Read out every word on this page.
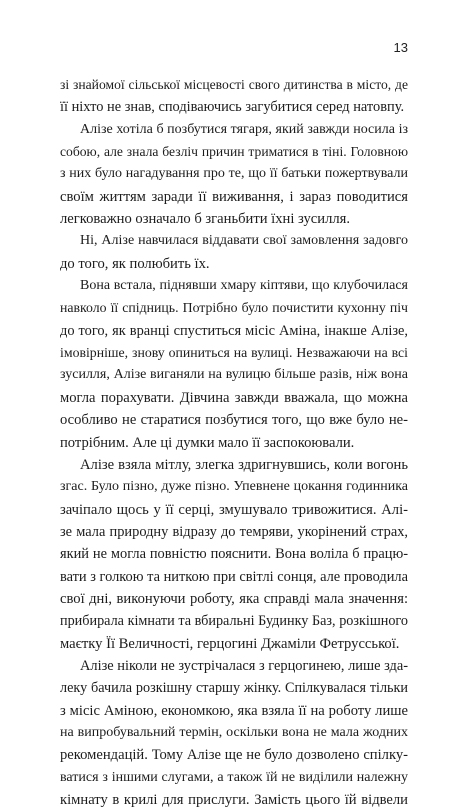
13
зі знайомої сільської місцевості свого дитинства в місто, де
її ніхто не знав, сподіваючись загубитися серед натовпу.
Алізе хотіла б позбутися тягаря, який завжди носила із
собою, але знала безліч причин триматися в тіні. Головною
з них було нагадування про те, що її батьки пожертвували
своїм життям заради її виживання, і зараз поводитися
легковажно означало б зганьбити їхні зусилля.
Ні, Алізе навчилася віддавати свої замовлення задовго
до того, як полюбить їх.
Вона встала, піднявши хмару кіптяви, що клубочилася
навколо її спідниць. Потрібно було почистити кухонну піч
до того, як вранці спуститься місіс Аміна, інакше Алізе,
імовірніше, знову опиниться на вулиці. Незважаючи на всі
зусилля, Алізе виганяли на вулицю більше разів, ніж вона
могла порахувати. Дівчина завжди вважала, що можна
особливо не старатися позбутися того, що вже було не-
потрібним. Але ці думки мало її заспокоювали.
Алізе взяла мітлу, злегка здригнувшись, коли вогонь
згас. Було пізно, дуже пізно. Упевнене цокання годинника
зачіпало щось у її серці, змушувало тривожитися. Алі-
зе мала природну відразу до темряви, укорінений страх,
який не могла повністю пояснити. Вона воліла б працю-
вати з голкою та ниткою при світлі сонця, але проводила
свої дні, виконуючи роботу, яка справді мала значення:
прибирала кімнати та вбиральні Будинку Баз, розкішного
маєтку Її Величності, герцогині Джаміли Фетрусської.
Алізе ніколи не зустрічалася з герцогинею, лише зда-
леку бачила розкішну старшу жінку. Спілкувалася тільки
з місіс Аміною, економкою, яка взяла її на роботу лише
на випробувальний термін, оскільки вона не мала жодних
рекомендацій. Тому Алізе ще не було дозволено спілку-
ватися з іншими слугами, а також їй не виділили належну
кімнату в крилі для прислуги. Замість цього їй відвели
